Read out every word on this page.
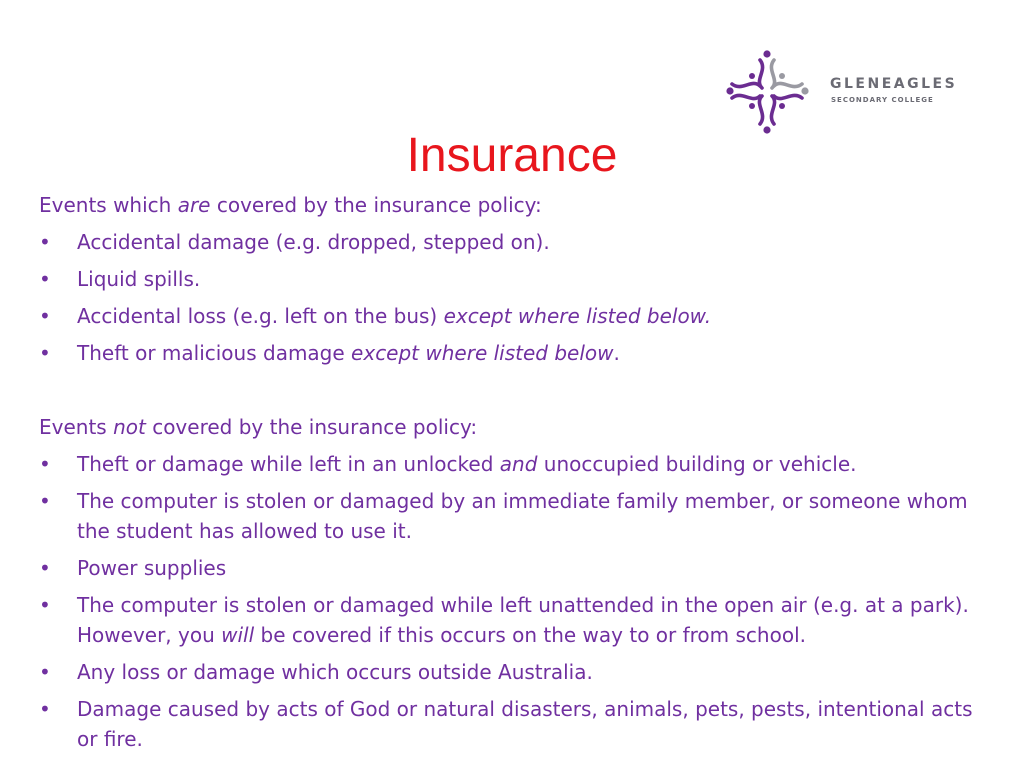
GLENEAGLES
SECONDARY COLLEGE
Insurance

Events which are covered by the insurance policy:

• Accidental damage (e.g. dropped, stepped on).
• Liquid spills.
• Accidental loss (e.g. left on the bus) except where listed below.
• Theft or malicious damage except where listed below.

Events not covered by the insurance policy:

• Theft or damage while left in an unlocked and unoccupied building or vehicle.
• The computer is stolen or damaged by an immediate family member, or someone whom the student has allowed to use it.
• Power supplies
• The computer is stolen or damaged while left unattended in the open air (e.g. at a park). However, you will be covered if this occurs on the way to or from school.
• Any loss or damage which occurs outside Australia.
• Damage caused by acts of God or natural disasters, animals, pets, pests, intentional acts or fire.
